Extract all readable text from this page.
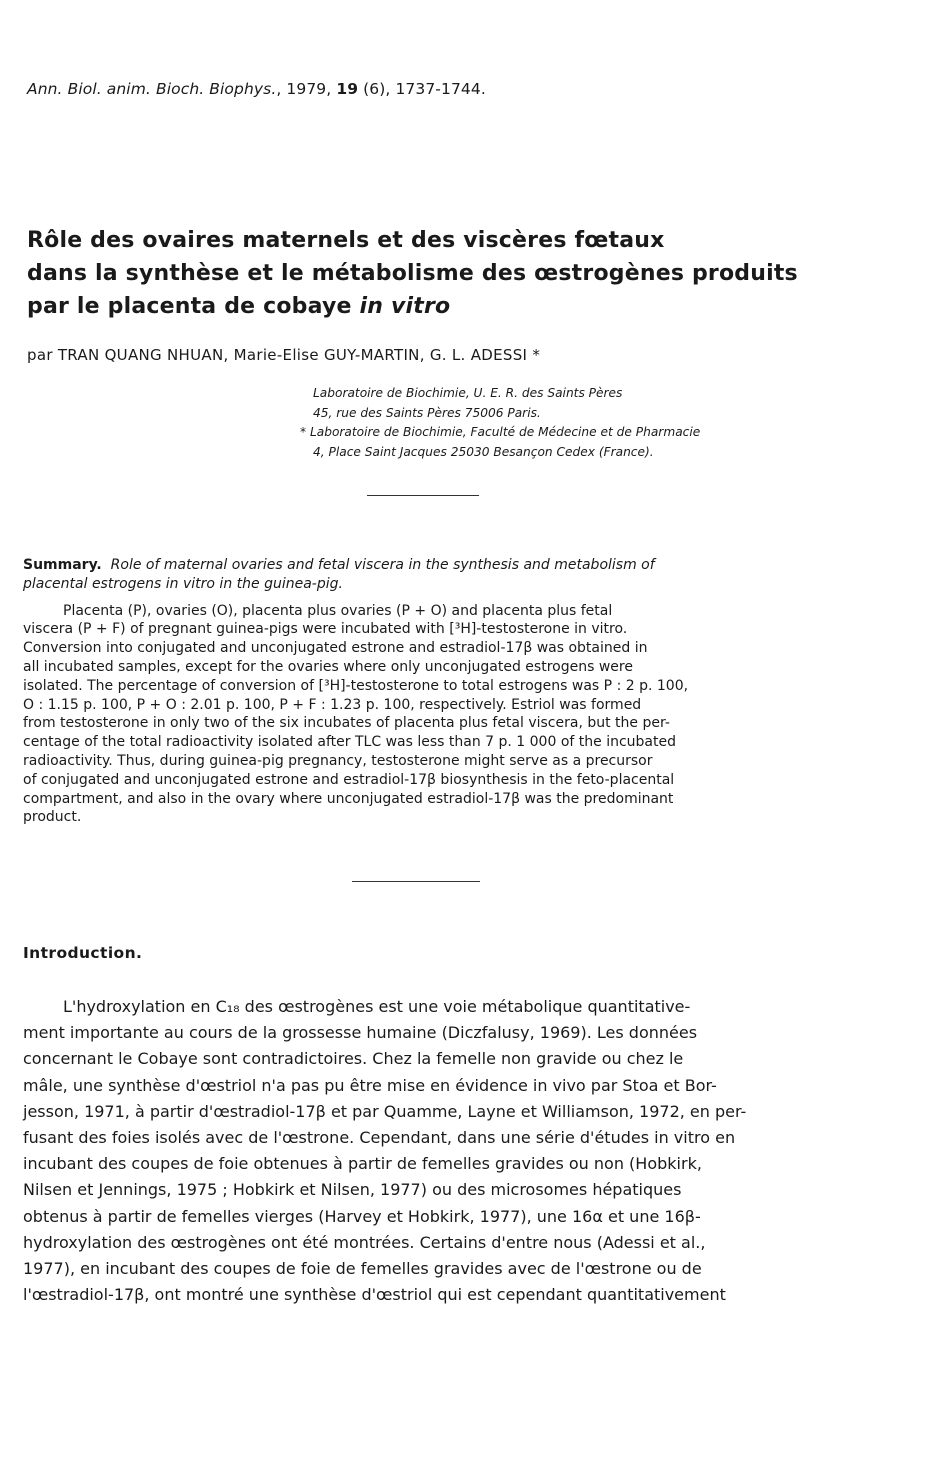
Ann. Biol. anim. Bioch. Biophys., 1979, 19 (6), 1737-1744.
Rôle des ovaires maternels et des viscères fœtaux
dans la synthèse et le métabolisme des œstrogènes produits
par le placenta de cobaye in vitro
par TRAN QUANG NHUAN, Marie-Elise GUY-MARTIN, G. L. ADESSI *
Laboratoire de Biochimie, U. E. R. des Saints Pères
45, rue des Saints Pères 75006 Paris.
* Laboratoire de Biochimie, Faculté de Médecine et de Pharmacie
4, Place Saint Jacques 25030 Besançon Cedex (France).
Summary. Role of maternal ovaries and fetal viscera in the synthesis and metabolism of
placental estrogens in vitro in the guinea-pig.
Placenta (P), ovaries (O), placenta plus ovaries (P + O) and placenta plus fetal
viscera (P + F) of pregnant guinea-pigs were incubated with [³H]-testosterone in vitro.
Conversion into conjugated and unconjugated estrone and estradiol-17β was obtained in
all incubated samples, except for the ovaries where only unconjugated estrogens were
isolated. The percentage of conversion of [³H]-testosterone to total estrogens was P : 2 p. 100,
O : 1.15 p. 100, P + O : 2.01 p. 100, P + F : 1.23 p. 100, respectively. Estriol was formed
from testosterone in only two of the six incubates of placenta plus fetal viscera, but the per-
centage of the total radioactivity isolated after TLC was less than 7 p. 1 000 of the incubated
radioactivity. Thus, during guinea-pig pregnancy, testosterone might serve as a precursor
of conjugated and unconjugated estrone and estradiol-17β biosynthesis in the feto-placental
compartment, and also in the ovary where unconjugated estradiol-17β was the predominant
product.
Introduction.
L'hydroxylation en C₁₈ des œstrogènes est une voie métabolique quantitative-
ment importante au cours de la grossesse humaine (Diczfalusy, 1969). Les données
concernant le Cobaye sont contradictoires. Chez la femelle non gravide ou chez le
mâle, une synthèse d'œstriol n'a pas pu être mise en évidence in vivo par Stoa et Bor-
jesson, 1971, à partir d'œstradiol-17β et par Quamme, Layne et Williamson, 1972, en per-
fusant des foies isolés avec de l'œstrone. Cependant, dans une série d'études in vitro en
incubant des coupes de foie obtenues à partir de femelles gravides ou non (Hobkirk,
Nilsen et Jennings, 1975 ; Hobkirk et Nilsen, 1977) ou des microsomes hépatiques
obtenus à partir de femelles vierges (Harvey et Hobkirk, 1977), une 16α et une 16β-
hydroxylation des œstrogènes ont été montrées. Certains d'entre nous (Adessi et al.,
1977), en incubant des coupes de foie de femelles gravides avec de l'œstrone ou de
l'œstradiol-17β, ont montré une synthèse d'œstriol qui est cependant quantitativement
